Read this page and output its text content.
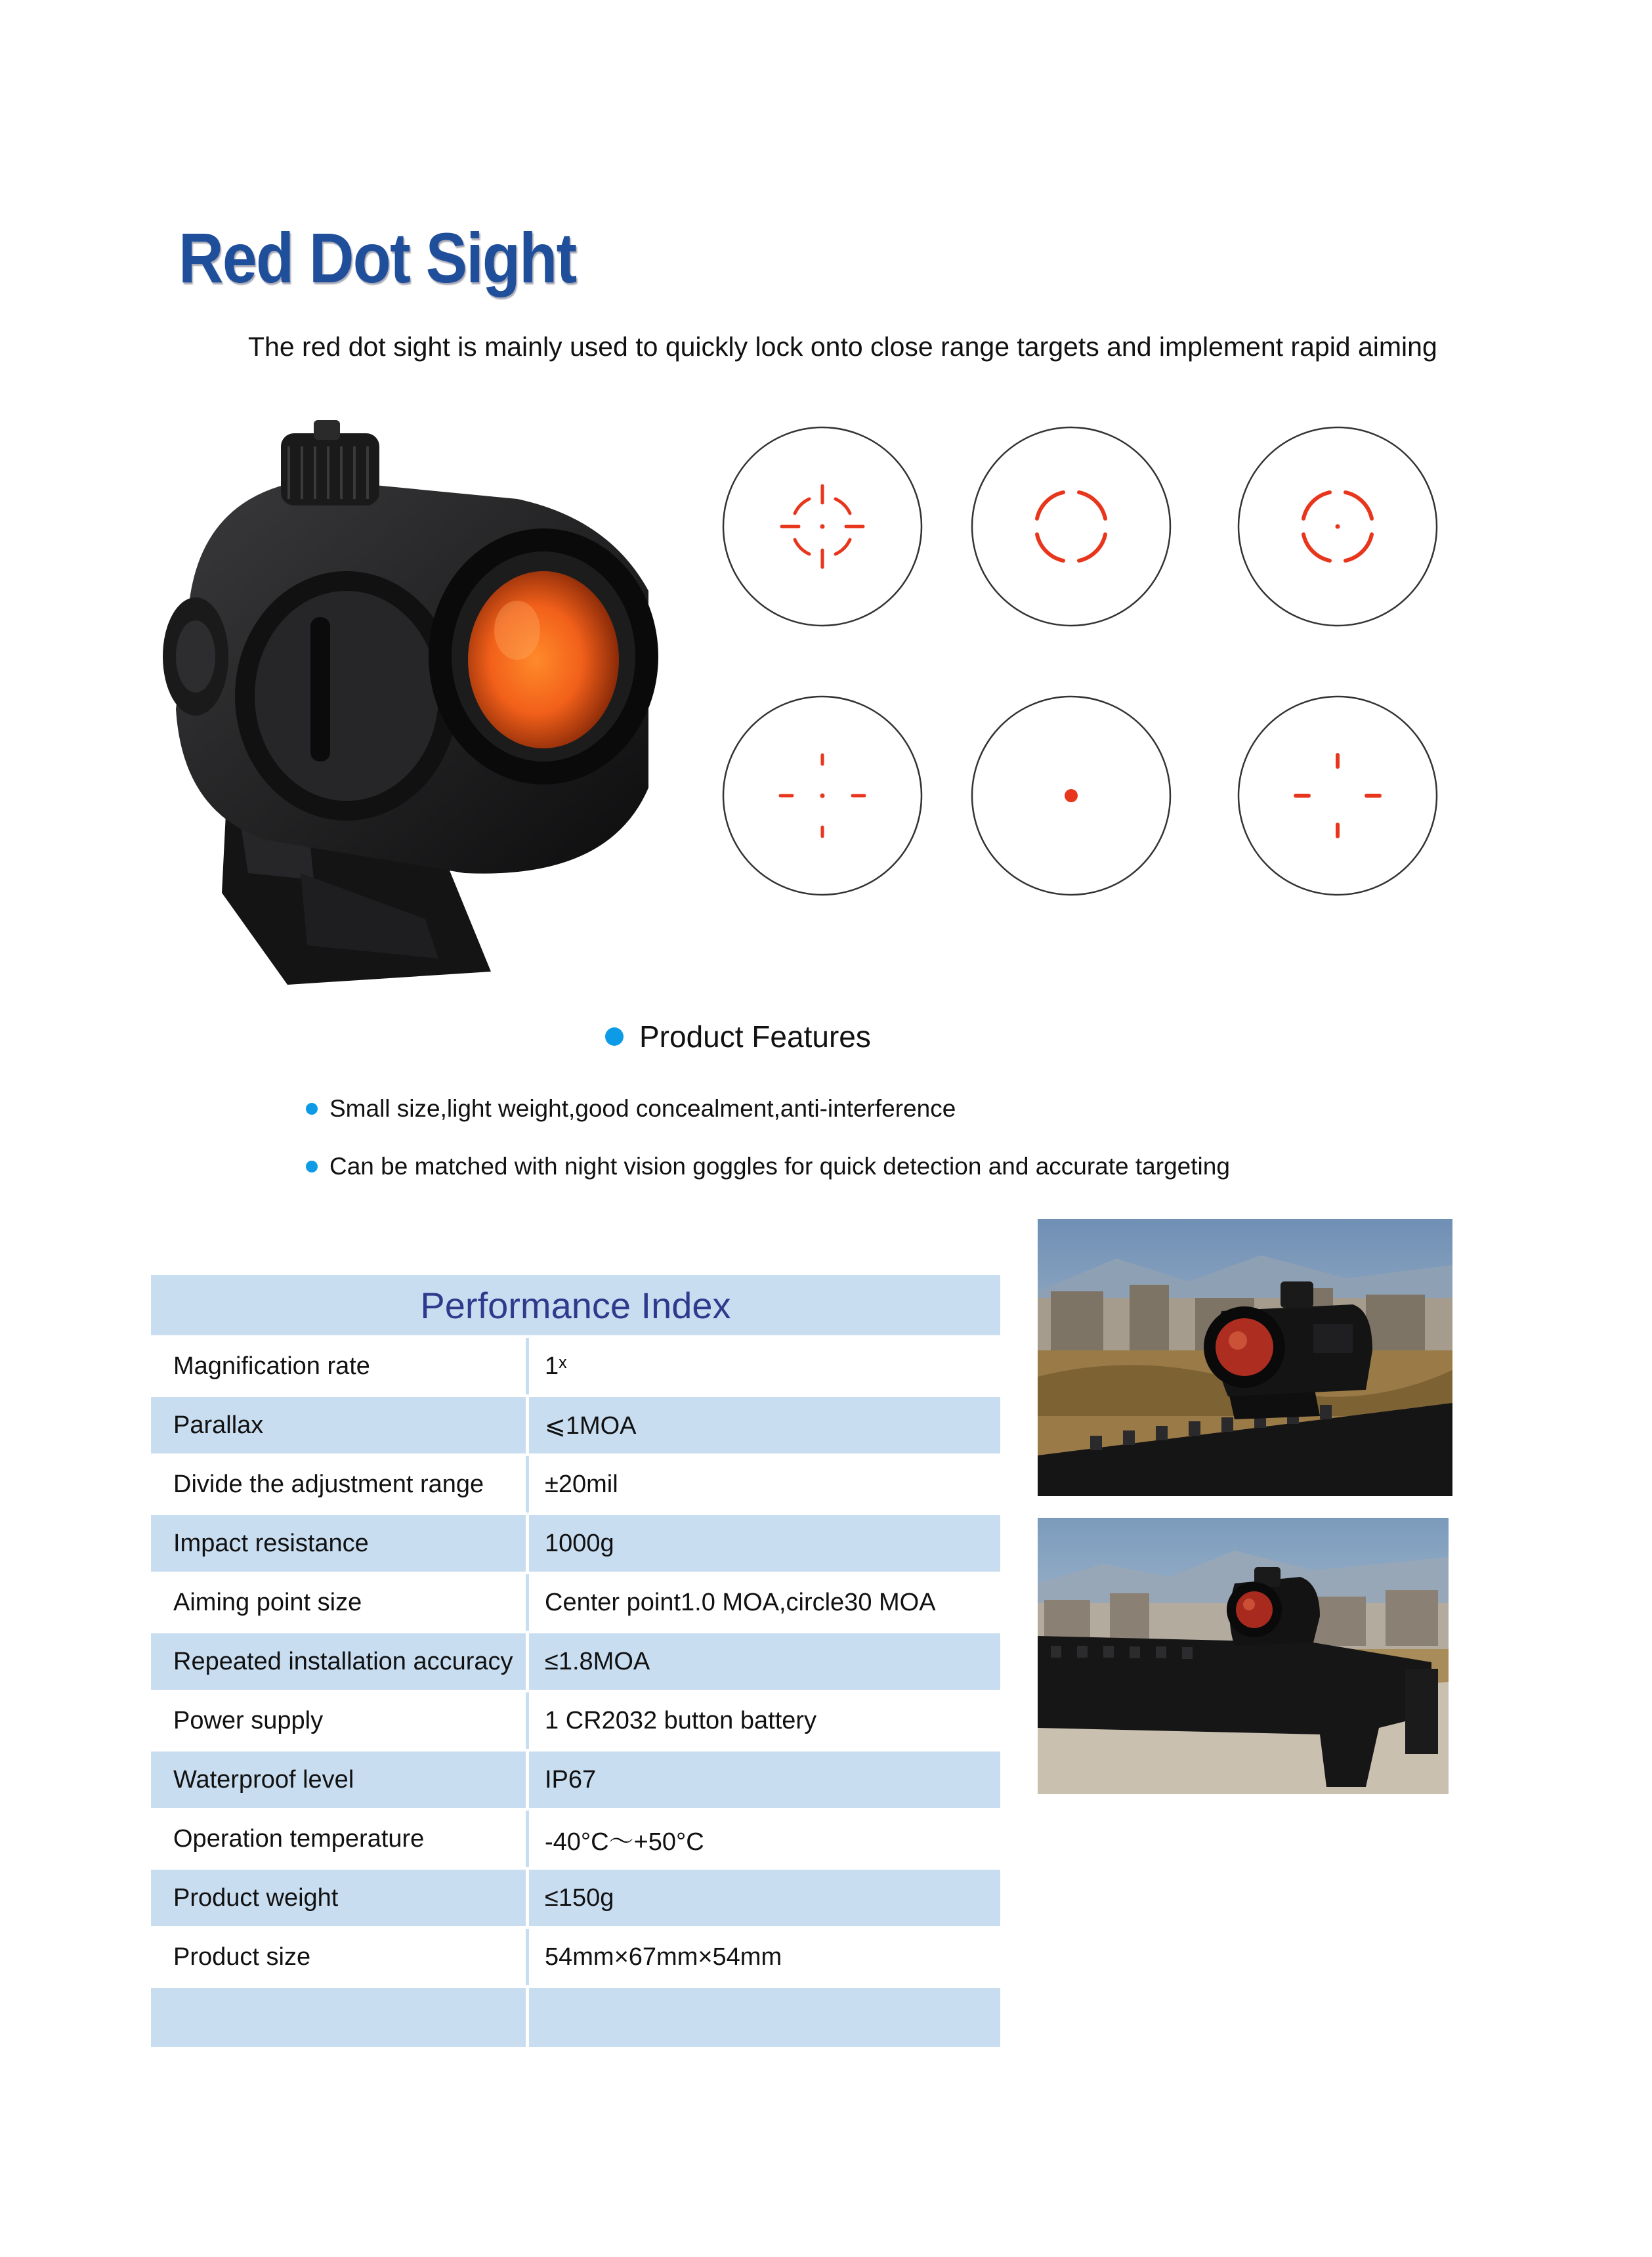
Red Dot Sight
The red dot sight is mainly used to quickly lock onto close range targets and implement rapid aiming
Product Features
Small size,light weight,good concealment,anti-interference
Can be matched with night vision goggles for quick detection and accurate targeting
Performance Index
Magnification rate	1ˣ
Parallax	⩽1MOA
Divide the adjustment range	±20mil
Impact resistance	1000g
Aiming point size	Center point1.0 MOA,circle30 MOA
Repeated installation accuracy	≤1.8MOA
Power supply	1 CR2032 button battery
Waterproof level	IP67
Operation temperature	-40°C～+50°C
Product weight	≤150g
Product size	54mm×67mm×54mm
